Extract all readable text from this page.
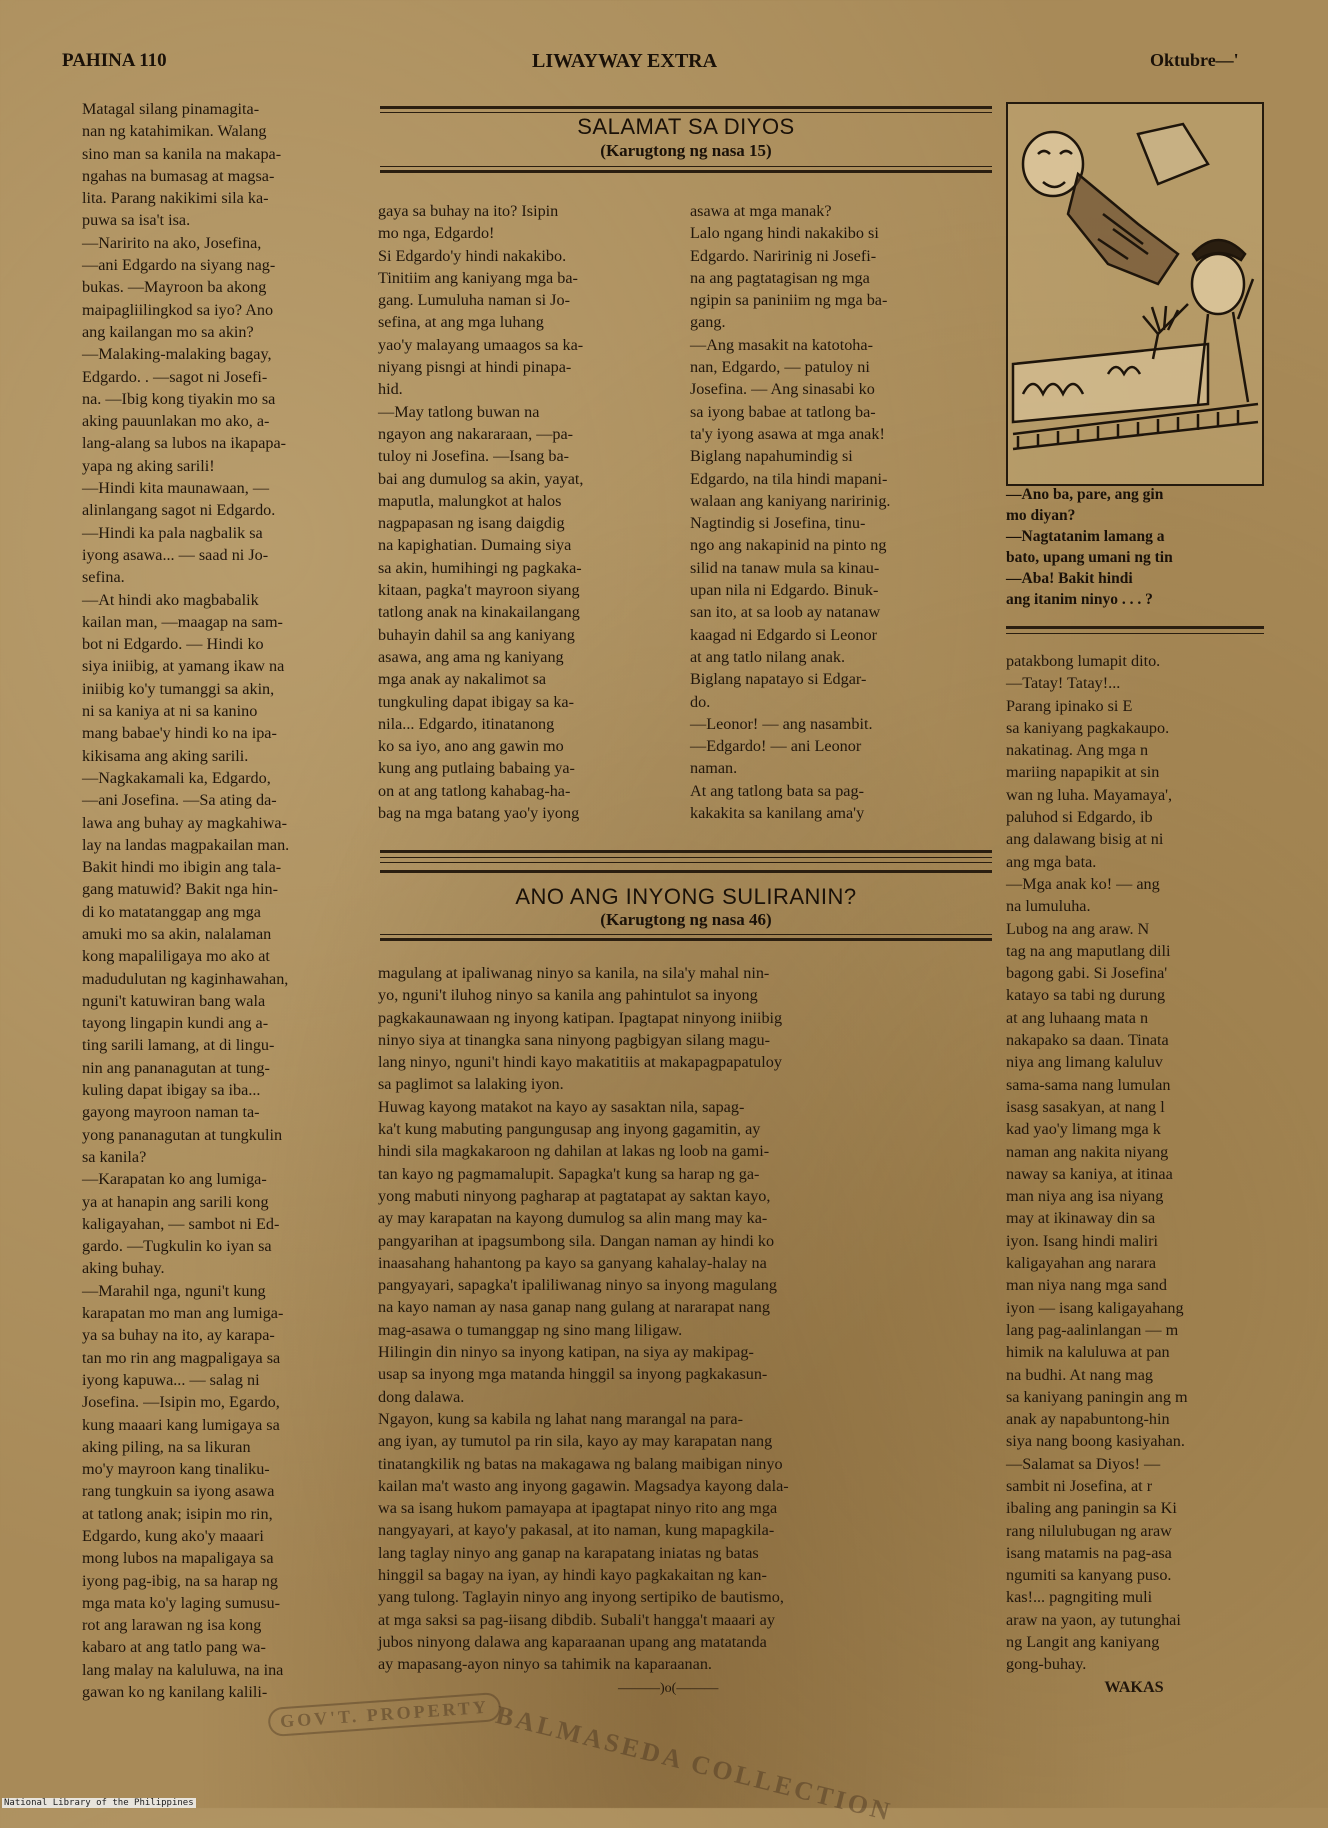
PAHINA 110	LIWAYWAY EXTRA	Oktubre—'
Matagal silang pinamagita-
nan ng katahimikan. Walang
sino man sa kanila na makapa-
ngahas na bumasag at magsa-
lita. Parang nakikimi sila ka-
puwa sa isa't isa.
—Naririto na ako, Josefina,
—ani Edgardo na siyang nag-
bukas. —Mayroon ba akong
maipagliilingkod sa iyo? Ano
ang kailangan mo sa akin?
—Malaking-malaking bagay,
Edgardo. . —sagot ni Josefi-
na. —Ibig kong tiyakin mo sa
aking pauunlakan mo ako, a-
lang-alang sa lubos na ikapapa-
yapa ng aking sarili!
—Hindi kita maunawaan, —
alinlangang sagot ni Edgardo.
—Hindi ka pala nagbalik sa
iyong asawa... — saad ni Jo-
sefina.
—At hindi ako magbabalik
kailan man, —maagap na sam-
bot ni Edgardo. — Hindi ko
siya iniibig, at yamang ikaw na
iniibig ko'y tumanggi sa akin,
ni sa kaniya at ni sa kanino
mang babae'y hindi ko na ipa-
kikisama ang aking sarili.
—Nagkakamali ka, Edgardo,
—ani Josefina. —Sa ating da-
lawa ang buhay ay magkahiwa-
lay na landas magpakailan man.
Bakit hindi mo ibigin ang tala-
gang matuwid? Bakit nga hin-
di ko matatanggap ang mga
amuki mo sa akin, nalalaman
kong mapaliligaya mo ako at
madudulutan ng kaginhawahan,
nguni't katuwiran bang wala
tayong lingapin kundi ang a-
ting sarili lamang, at di lingu-
nin ang pananagutan at tung-
kuling dapat ibigay sa iba...
gayong mayroon naman ta-
yong pananagutan at tungkulin
sa kanila?
—Karapatan ko ang lumiga-
ya at hanapin ang sarili kong
kaligayahan, — sambot ni Ed-
gardo. —Tugkulin ko iyan sa
aking buhay.
—Marahil nga, nguni't kung
karapatan mo man ang lumiga-
ya sa buhay na ito, ay karapa-
tan mo rin ang magpaligaya sa
iyong kapuwa... — salag ni
Josefina. —Isipin mo, Egardo,
kung maaari kang lumigaya sa
aking piling, na sa likuran
mo'y mayroon kang tinaliku-
rang tungkuin sa iyong asawa
at tatlong anak; isipin mo rin,
Edgardo, kung ako'y maaari
mong lubos na mapaligaya sa
iyong pag-ibig, na sa harap ng
mga mata ko'y laging sumusu-
rot ang larawan ng isa kong
kabaro at ang tatlo pang wa-
lang malay na kaluluwa, na ina
gawan ko ng kanilang kalili-
SALAMAT SA DIYOS
(Karugtong ng nasa 15)
gaya sa buhay na ito? Isipin
mo nga, Edgardo!
Si Edgardo'y hindi nakakibo.
Tinitiim ang kaniyang mga ba-
gang. Lumuluha naman si Jo-
sefina, at ang mga luhang
yao'y malayang umaagos sa ka-
niyang pisngi at hindi pinapa-
hid.
—May tatlong buwan na
ngayon ang nakararaan, —pa-
tuloy ni Josefina. —Isang ba-
bai ang dumulog sa akin, yayat,
maputla, malungkot at halos
nagpapasan ng isang daigdig
na kapighatian. Dumaing siya
sa akin, humihingi ng pagkaka-
kitaan, pagka't mayroon siyang
tatlong anak na kinakailangang
buhayin dahil sa ang kaniyang
asawa, ang ama ng kaniyang
mga anak ay nakalimot sa
tungkuling dapat ibigay sa ka-
nila... Edgardo, itinatanong
ko sa iyo, ano ang gawin mo
kung ang putlaing babaing ya-
on at ang tatlong kahabag-ha-
bag na mga batang yao'y iyong
asawa at mga manak?
Lalo ngang hindi nakakibo si
Edgardo. Naririnig ni Josefi-
na ang pagtatagisan ng mga
ngipin sa paniniim ng mga ba-
gang.
—Ang masakit na katotoha-
nan, Edgardo, — patuloy ni
Josefina. — Ang sinasabi ko
sa iyong babae at tatlong ba-
ta'y iyong asawa at mga anak!
Biglang napahumindig si
Edgardo, na tila hindi mapani-
walaan ang kaniyang naririnig.
Nagtindig si Josefina, tinu-
ngo ang nakapinid na pinto ng
silid na tanaw mula sa kinau-
upan nila ni Edgardo. Binuk-
san ito, at sa loob ay natanaw
kaagad ni Edgardo si Leonor
at ang tatlo nilang anak.
Biglang napatayo si Edgar-
do.
—Leonor! — ang nasambit.
—Edgardo! — ani Leonor
naman.
At ang tatlong bata sa pag-
kakakita sa kanilang ama'y
ANO ANG INYONG SULIRANIN?
(Karugtong ng nasa 46)
magulang at ipaliwanag ninyo sa kanila, na sila'y mahal nin-
yo, nguni't iluhog ninyo sa kanila ang pahintulot sa inyong
pagkakaunawaan ng inyong katipan. Ipagtapat ninyong iniibig
ninyo siya at tinangka sana ninyong pagbigyan silang magu-
lang ninyo, nguni't hindi kayo makatitiis at makapagpapatuloy
sa paglimot sa lalaking iyon.
Huwag kayong matakot na kayo ay sasaktan nila, sapag-
ka't kung mabuting pangungusap ang inyong gagamitin, ay
hindi sila magkakaroon ng dahilan at lakas ng loob na gami-
tan kayo ng pagmamalupit. Sapagka't kung sa harap ng ga-
yong mabuti ninyong pagharap at pagtatapat ay saktan kayo,
ay may karapatan na kayong dumulog sa alin mang may ka-
pangyarihan at ipagsumbong sila. Dangan naman ay hindi ko
inaasahang hahantong pa kayo sa ganyang kahalay-halay na
pangyayari, sapagka't ipaliliwanag ninyo sa inyong magulang
na kayo naman ay nasa ganap nang gulang at nararapat nang
mag-asawa o tumanggap ng sino mang liligaw.
Hilingin din ninyo sa inyong katipan, na siya ay makipag-
usap sa inyong mga matanda hinggil sa inyong pagkakasun-
dong dalawa.
Ngayon, kung sa kabila ng lahat nang marangal na para-
ang iyan, ay tumutol pa rin sila, kayo ay may karapatan nang
tinatangkilik ng batas na makagawa ng balang maibigan ninyo
kailan ma't wasto ang inyong gagawin. Magsadya kayong dala-
wa sa isang hukom pamayapa at ipagtapat ninyo rito ang mga
nangyayari, at kayo'y pakasal, at ito naman, kung mapagkila-
lang taglay ninyo ang ganap na karapatang iniatas ng batas
hinggil sa bagay na iyan, ay hindi kayo pagkakaitan ng kan-
yang tulong. Taglayin ninyo ang inyong sertipiko de bautismo,
at mga saksi sa pag-iisang dibdib. Subali't hangga't maaari ay
jubos ninyong dalawa ang kaparaanan upang ang matatanda
ay mapasang-ayon ninyo sa tahimik na kaparaanan.
———)o(———
—Ano ba, pare, ang gin
mo diyan?
—Nagtatanim lamang a
bato, upang umani ng tin
—Aba! Bakit hindi
ang itanim ninyo . . . ?
patakbong lumapit dito.
—Tatay! Tatay!...
Parang ipinako si E
sa kaniyang pagkakaupo.
nakatinag. Ang mga n
mariing napapikit at sin
wan ng luha. Mayamaya',
paluhod si Edgardo, ib
ang dalawang bisig at ni
ang mga bata.
—Mga anak ko! — ang
na lumuluha.
Lubog na ang araw. N
tag na ang maputlang dili
bagong gabi. Si Josefina'
katayo sa tabi ng durung
at ang luhaang mata n
nakapako sa daan. Tinata
niya ang limang kaluluv
sama-sama nang lumulan
isasg sasakyan, at nang l
kad yao'y limang mga k
naman ang nakita niyang
naway sa kaniya, at itinaa
man niya ang isa niyang
may at ikinaway din sa
iyon. Isang hindi maliri
kaligayahan ang narara
man niya nang mga sand
iyon — isang kaligayahang
lang pag-aalinlangan — m
himik na kaluluwa at pan
na budhi. At nang mag
sa kaniyang paningin ang m
anak ay napabuntong-hin
siya nang boong kasiyahan.
—Salamat sa Diyos! —
sambit ni Josefina, at r
ibaling ang paningin sa Ki
rang nilulubugan ng araw
isang matamis na pag-asa
ngumiti sa kanyang puso.
kas!... pagngiting muli
araw na yaon, ay tutunghai
ng Langit ang kaniyang
gong-buhay.
WAKAS
GOV'T. PROPERTY BALMASEDA COLLECTION
National Library of the Philippines
